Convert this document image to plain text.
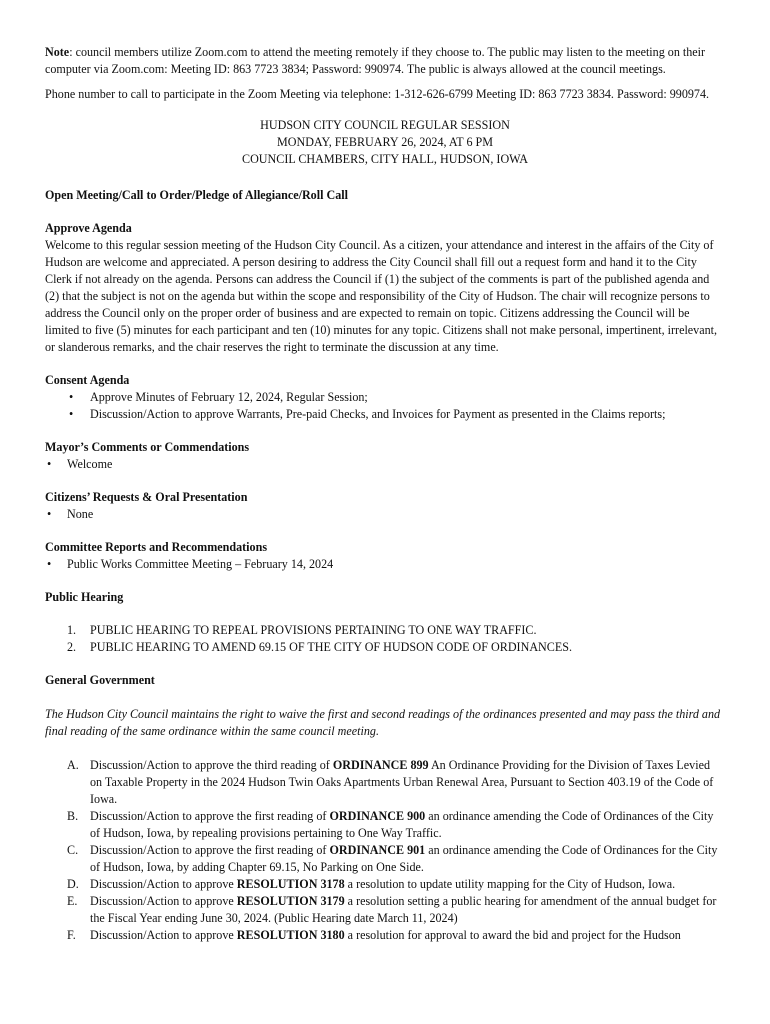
Note: council members utilize Zoom.com to attend the meeting remotely if they choose to. The public may listen to the meeting on their computer via Zoom.com: Meeting ID: 863 7723 3834; Password: 990974. The public is always allowed at the council meetings.

Phone number to call to participate in the Zoom Meeting via telephone: 1-312-626-6799 Meeting ID: 863 7723 3834. Password: 990974.

HUDSON CITY COUNCIL REGULAR SESSION

MONDAY, FEBRUARY 26, 2024, AT 6 PM

COUNCIL CHAMBERS, CITY HALL, HUDSON, IOWA

Open Meeting/Call to Order/Pledge of Allegiance/Roll Call

Approve Agenda

Welcome to this regular session meeting of the Hudson City Council. As a citizen, your attendance and interest in the affairs of the City of Hudson are welcome and appreciated. A person desiring to address the City Council shall fill out a request form and hand it to the City Clerk if not already on the agenda. Persons can address the Council if (1) the subject of the comments is part of the published agenda and (2) that the subject is not on the agenda but within the scope and responsibility of the City of Hudson. The chair will recognize persons to address the Council only on the proper order of business and are expected to remain on topic. Citizens addressing the Council will be limited to five (5) minutes for each participant and ten (10) minutes for any topic. Citizens shall not make personal, impertinent, irrelevant, or slanderous remarks, and the chair reserves the right to terminate the discussion at any time.

Consent Agenda

• Approve Minutes of February 12, 2024, Regular Session;
• Discussion/Action to approve Warrants, Pre-paid Checks, and Invoices for Payment as presented in the Claims reports;

Mayor’s Comments or Commendations

• Welcome

Citizens’ Requests & Oral Presentation

• None

Committee Reports and Recommendations

• Public Works Committee Meeting – February 14, 2024

Public Hearing

1. PUBLIC HEARING TO REPEAL PROVISIONS PERTAINING TO ONE WAY TRAFFIC.
2. PUBLIC HEARING TO AMEND 69.15 OF THE CITY OF HUDSON CODE OF ORDINANCES.

General Government

The Hudson City Council maintains the right to waive the first and second readings of the ordinances presented and may pass the third and final reading of the same ordinance within the same council meeting.

A. Discussion/Action to approve the third reading of ORDINANCE 899 An Ordinance Providing for the Division of Taxes Levied on Taxable Property in the 2024 Hudson Twin Oaks Apartments Urban Renewal Area, Pursuant to Section 403.19 of the Code of Iowa.
B. Discussion/Action to approve the first reading of ORDINANCE 900 an ordinance amending the Code of Ordinances of the City of Hudson, Iowa, by repealing provisions pertaining to One Way Traffic.
C. Discussion/Action to approve the first reading of ORDINANCE 901 an ordinance amending the Code of Ordinances for the City of Hudson, Iowa, by adding Chapter 69.15, No Parking on One Side.
D. Discussion/Action to approve RESOLUTION 3178 a resolution to update utility mapping for the City of Hudson, Iowa.
E. Discussion/Action to approve RESOLUTION 3179 a resolution setting a public hearing for amendment of the annual budget for the Fiscal Year ending June 30, 2024. (Public Hearing date March 11, 2024)
F. Discussion/Action to approve RESOLUTION 3180 a resolution for approval to award the bid and project for the Hudson
